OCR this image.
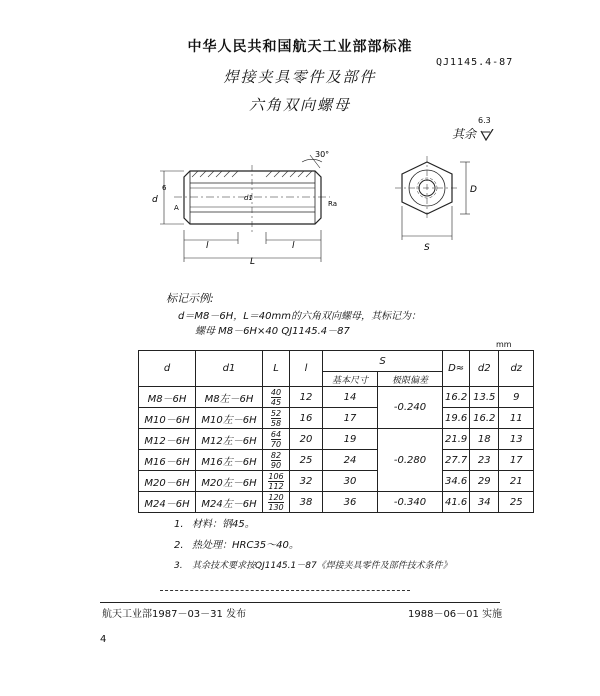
中华人民共和国航天工业部部标准
QJ1145.4-87
焊接夹具零件及部件
六角双向螺母
其余
6.3
30°
d	d1
l	l
L
A	Ra
6
S
D
标记示例:
d＝M8－6H，L＝40mm的六角双向螺母，其标记为：
螺母 M8－6H×40 QJ1145.4－87
mm
d	d1	L	l	S		D≈	d2	dz
				基本尺寸	极限偏差			
M8－6H	M8左－6H	$\frac{40}{45}$	12	14	-0.240	16.2	13.5	9
M10－6H	M10左－6H	$\frac{52}{58}$	16	17		19.6	16.2	11
M12－6H	M12左－6H	$\frac{64}{70}$	20	19	-0.280	21.9	18	13
M16－6H	M16左－6H	$\frac{82}{90}$	25	24		27.7	23	17
M20－6H	M20左－6H	$\frac{106}{112}$	32	30		34.6	29	21
M24－6H	M24左－6H	$\frac{120}{130}$	38	36	-0.340	41.6	34	25
1. 材料：钢45。
2. 热处理：HRC35～40。
3. 其余技术要求按QJ1145.1－87《焊接夹具零件及部件技术条件》
航天工业部1987－03－31 发布	1988－06－01 实施
4
